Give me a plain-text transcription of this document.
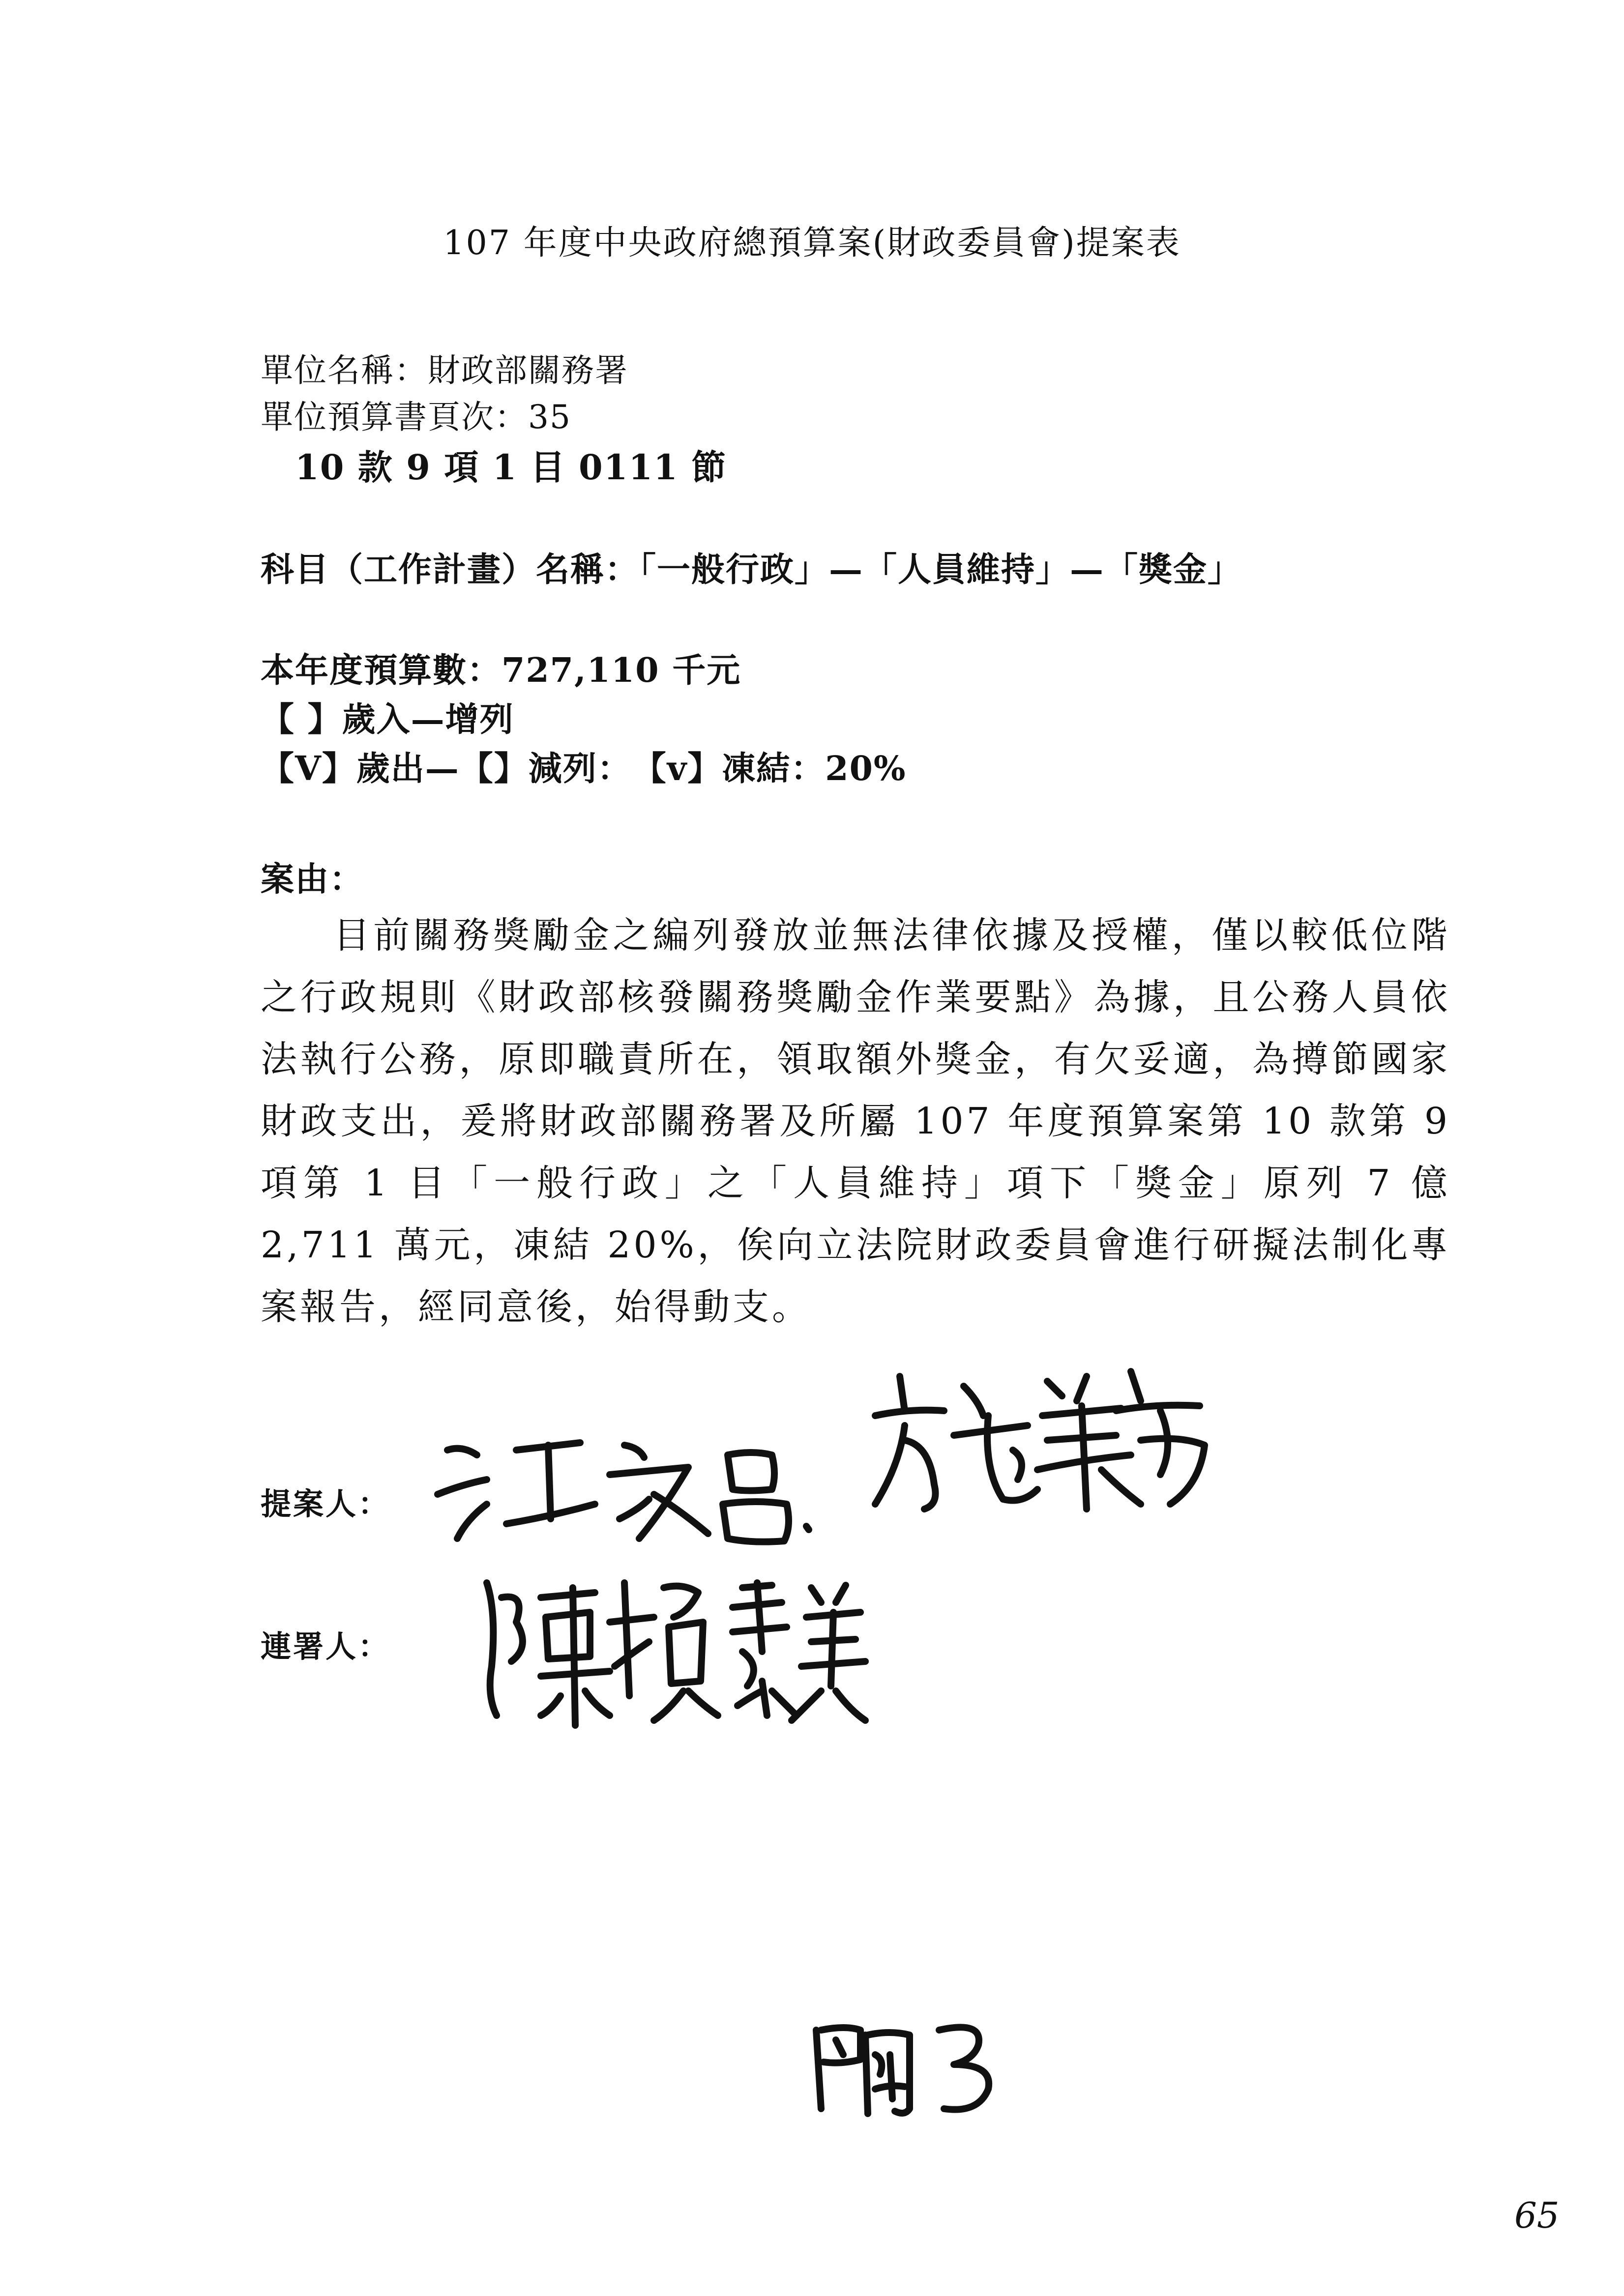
107 年度中央政府總預算案(財政委員會)提案表
單位名稱：財政部關務署
單位預算書頁次：35
10 款 9 項 1 目 0111 節
科目（工作計畫）名稱：「一般行政」—「人員維持」—「獎金」
本年度預算數：727,110 千元
【 】歲入—增列
【V】歲出—【】減列：　【v】凍結：20%
案由：
目前關務獎勵金之編列發放並無法律依據及授權，僅以較低位階之行政規則《財政部核發關務獎勵金作業要點》為據，且公務人員依法執行公務，原即職責所在，領取額外獎金，有欠妥適，為撙節國家財政支出，爰將財政部關務署及所屬 107 年度預算案第 10 款第 9 項第 1 目「一般行政」之「人員維持」項下「獎金」原列 7 億 2,711 萬元，凍結 20%，俟向立法院財政委員會進行研擬法制化專案報告，經同意後，始得動支。
提案人：
連署人：
65
